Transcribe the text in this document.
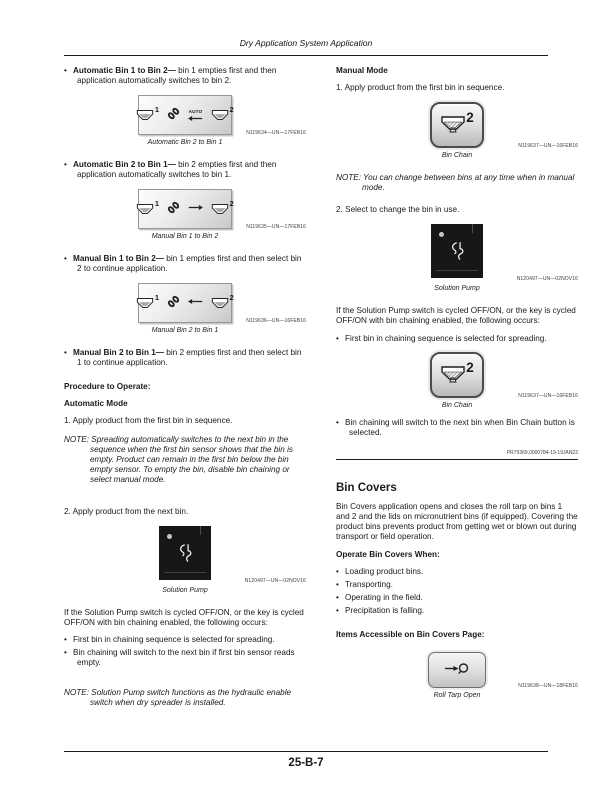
Dry Application System Application
• Automatic Bin 1 to Bin 2— bin 1 empties first and then application automatically switches to bin 2.
1	AUTO	2
N119634—UN—17FEB16
Automatic Bin 2 to Bin 1
• Automatic Bin 2 to Bin 1— bin 2 empties first and then application automatically switches to bin 1.
1	2
N119635—UN—17FEB16
Manual Bin 1 to Bin 2
• Manual Bin 1 to Bin 2— bin 1 empties first and then select bin 2 to continue application.
1	2
N119636—UN—16FEB16
Manual Bin 2 to Bin 1
• Manual Bin 2 to Bin 1— bin 2 empties first and then select bin 1 to continue application.
Procedure to Operate:
Automatic Mode
1. Apply product from the first bin in sequence.
NOTE: Spreading automatically switches to the next bin in the sequence when the first bin sensor shows that the bin is empty. Product can remain in the first bin below the bin empty sensor. To empty the bin, disable bin chaining or select manual mode.
2. Apply product from the next bin.
N120497—UN—02NOV16
Solution Pump
If the Solution Pump switch is cycled OFF/ON, or the key is cycled OFF/ON with bin chaining enabled, the following occurs:
• First bin in chaining sequence is selected for spreading.
• Bin chaining will switch to the next bin if first bin sensor reads empty.
NOTE: Solution Pump switch functions as the hydraulic enable switch when dry spreader is installed.
Manual Mode
1. Apply product from the first bin in sequence.
2
N119637—UN—16FEB16
Bin Chain
NOTE: You can change between bins at any time when in manual mode.
2. Select to change the bin in use.
N120497—UN—02NOV16
Solution Pump
If the Solution Pump switch is cycled OFF/ON, or the key is cycled OFF/ON with bin chaining enabled, the following occurs:
• First bin in chaining sequence is selected for spreading.
2
N119637—UN—16FEB16
Bin Chain
• Bin chaining will switch to the next bin when Bin Chain button is selected.
PR79369,0000784-19-19JAN22
Bin Covers
Bin Covers application opens and closes the roll tarp on bins 1 and 2 and the lids on micronutrient bins (if equipped). Covering the product bins prevents product from getting wet or blown out during transport or field operation.
Operate Bin Covers When:
• Loading product bins.
• Transporting.
• Operating in the field.
• Precipitation is falling.
Items Accessible on Bin Covers Page:
N119638—UN—18FEB16
Roll Tarp Open
25-B-7
